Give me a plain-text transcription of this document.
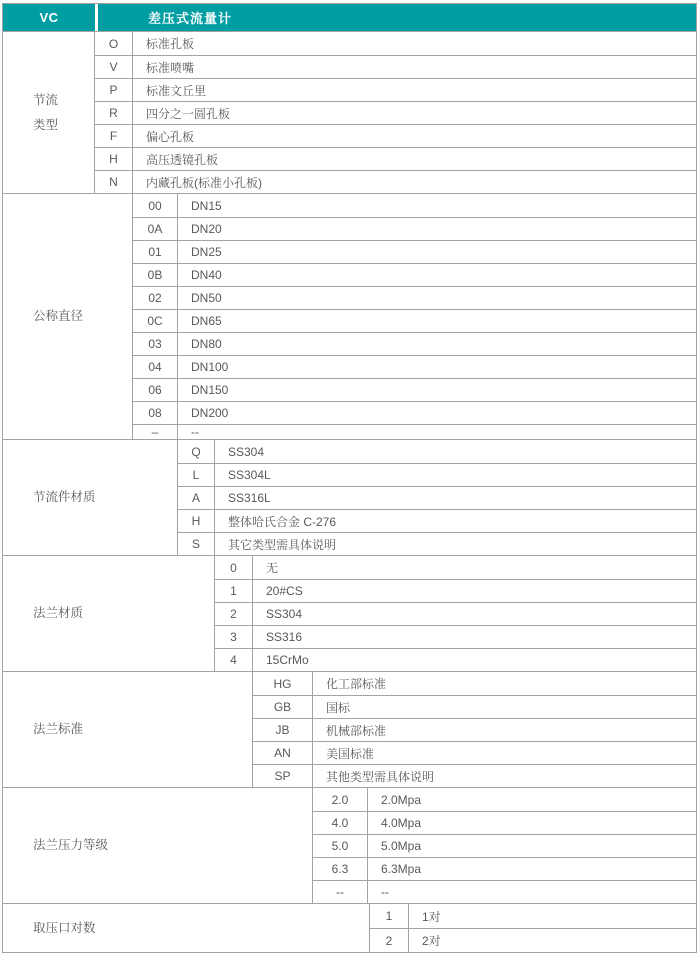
VC	差压式流量计
节流类型
O	标准孔板
V	标准喷嘴
P	标准文丘里
R	四分之一圆孔板
F	偏心孔板
H	高压透镜孔板
N	内藏孔板(标准小孔板)
公称直径
00	DN15
0A	DN20
01	DN25
0B	DN40
02	DN50
0C	DN65
03	DN80
04	DN100
06	DN150
08	DN200
–	--
节流件材质
Q	SS304
L	SS304L
A	SS316L
H	整体哈氏合金 C-276
S	其它类型需具体说明
法兰材质
0	无
1	20#CS
2	SS304
3	SS316
4	15CrMo
法兰标准
HG	化工部标准
GB	国标
JB	机械部标准
AN	美国标准
SP	其他类型需具体说明
法兰压力等级
2.0	2.0Mpa
4.0	4.0Mpa
5.0	5.0Mpa
6.3	6.3Mpa
--	--
取压口对数
1	1对
2	2对
